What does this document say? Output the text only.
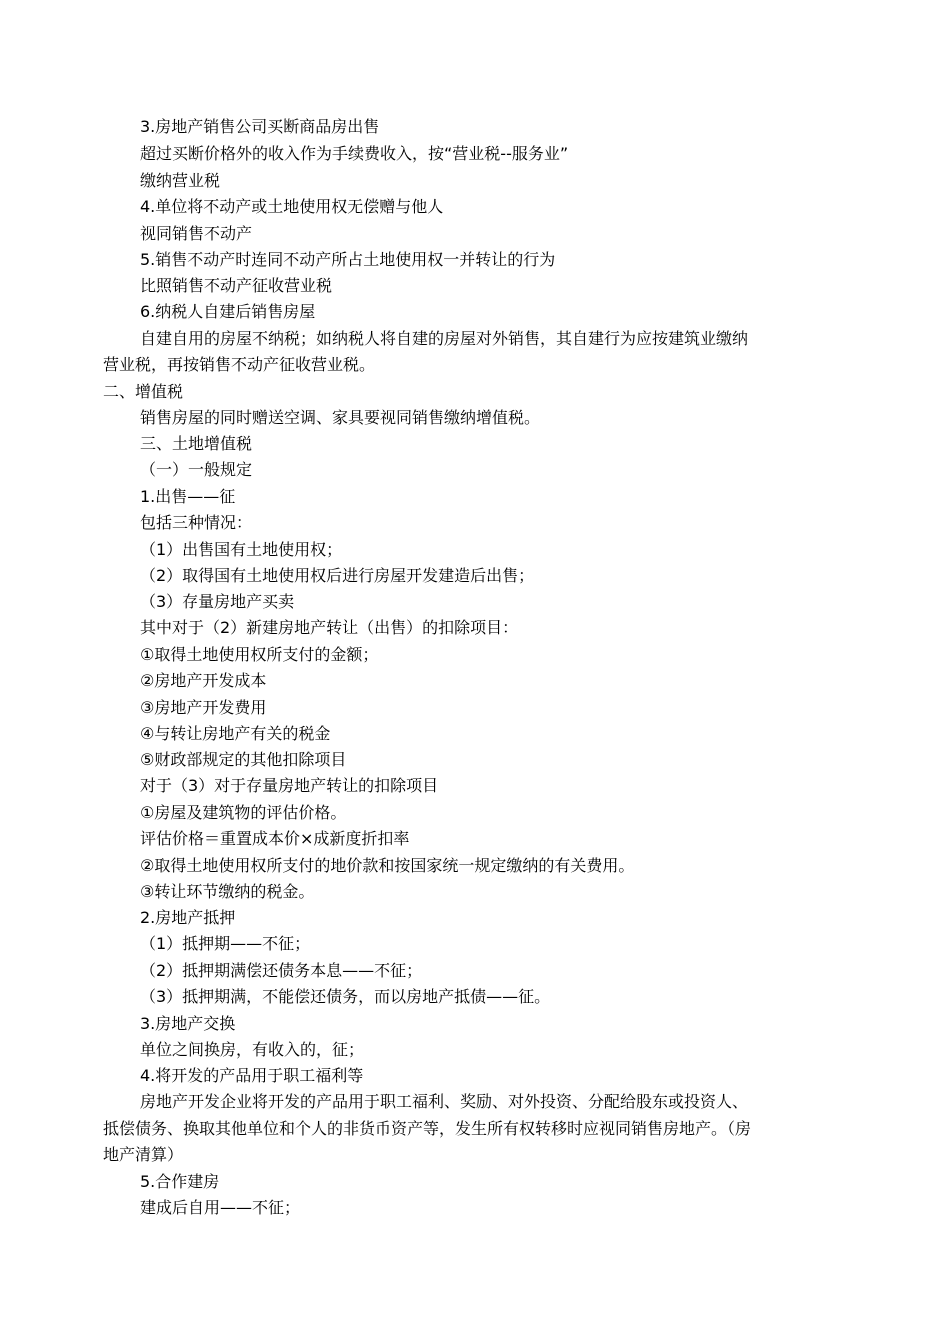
3.房地产销售公司买断商品房出售
超过买断价格外的收入作为手续费收入，按“营业税--服务业”
缴纳营业税
4.单位将不动产或土地使用权无偿赠与他人
视同销售不动产
5.销售不动产时连同不动产所占土地使用权一并转让的行为
比照销售不动产征收营业税
6.纳税人自建后销售房屋
自建自用的房屋不纳税；如纳税人将自建的房屋对外销售，其自建行为应按建筑业缴纳
营业税，再按销售不动产征收营业税。
二、增值税
销售房屋的同时赠送空调、家具要视同销售缴纳增值税。
三、土地增值税
（一）一般规定
1.出售——征
包括三种情况：
（1）出售国有土地使用权；
（2）取得国有土地使用权后进行房屋开发建造后出售；
（3）存量房地产买卖
其中对于（2）新建房地产转让（出售）的扣除项目：
①取得土地使用权所支付的金额；
②房地产开发成本
③房地产开发费用
④与转让房地产有关的税金
⑤财政部规定的其他扣除项目
对于（3）对于存量房地产转让的扣除项目
①房屋及建筑物的评估价格。
评估价格＝重置成本价×成新度折扣率
②取得土地使用权所支付的地价款和按国家统一规定缴纳的有关费用。
③转让环节缴纳的税金。
2.房地产抵押
（1）抵押期——不征；
（2）抵押期满偿还债务本息——不征；
（3）抵押期满，不能偿还债务，而以房地产抵债——征。
3.房地产交换
单位之间换房，有收入的，征；
4.将开发的产品用于职工福利等
房地产开发企业将开发的产品用于职工福利、奖励、对外投资、分配给股东或投资人、
抵偿债务、换取其他单位和个人的非货币资产等，发生所有权转移时应视同销售房地产。（房
地产清算）
5.合作建房
建成后自用——不征；
